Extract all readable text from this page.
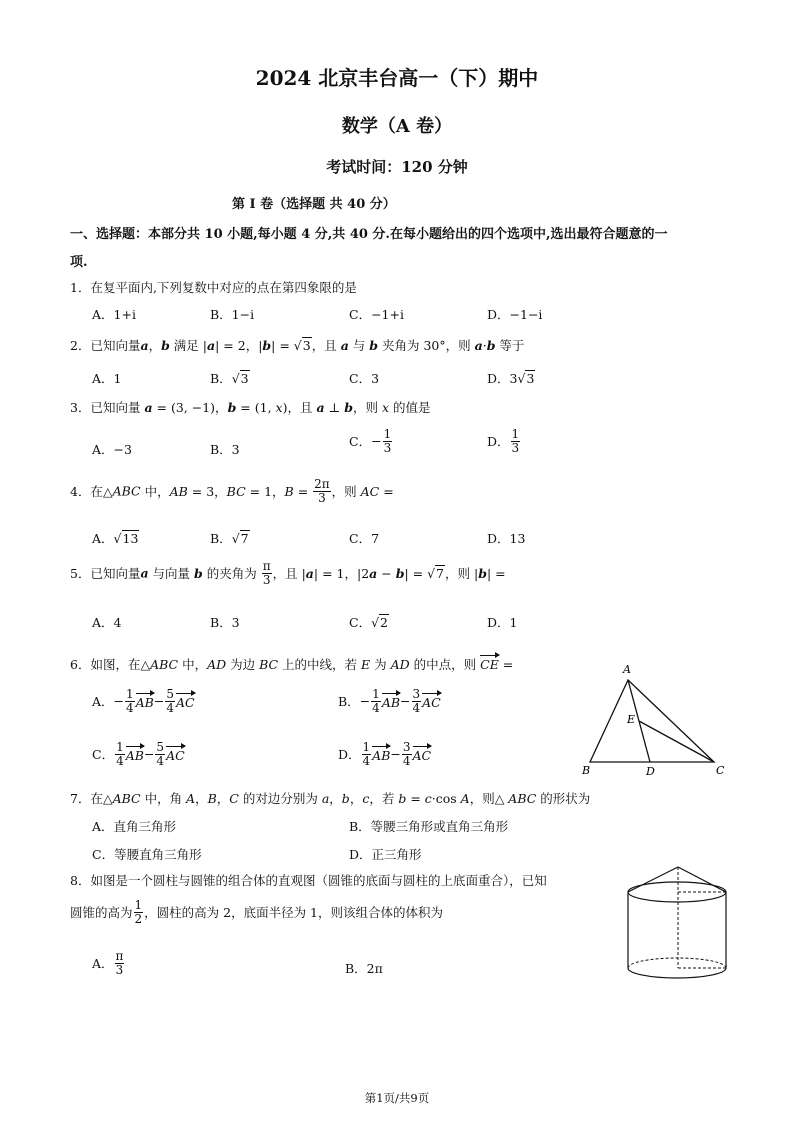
2024 北京丰台高一（下）期中
数学（A 卷）
考试时间：120 分钟
第 I 卷（选择题 共 40 分）
一、选择题：本部分共 10 小题,每小题 4 分,共 40 分.在每小题给出的四个选项中,选出最符合题意的一
项.
1．在复平面内,下列复数中对应的点在第四象限的是
A．1+i	B．1−i	C．−1+i	D．−1−i
2．已知向量a，b 满足 |a| = 2，|b| = √3，且 a 与 b 夹角为 30°，则 a·b 等于
A．1	B．√3	C．3	D．3√3
3．已知向量 a = (3, −1)，b = (1, x)，且 a ⊥ b，则 x 的值是
A．−3	B．3
C．− $\frac{1}{3}$	D． $\frac{1}{3}$
4．在△ABC 中，AB = 3，BC = 1，$B = \frac{2\pi}{3}$ ，则 AC =
A．√13	B．√7	C．7	D．13
5．已知向量a 与向量 b 的夹角为 $\frac{\pi}{3}$ ，且 |a| = 1，|2a − b| = √7，则 |b| =
A．4	B．3	C．√2	D．1
6．如图，在△ABC 中，AD 为边 BC 上的中线，若 E 为 AD 的中点，则 CE =
A．− $\frac{1}{4} AB- \frac{5}{4}$ AC	B．− $\frac{1}{4} AB- \frac{3}{4}$ AC
C． $\frac{1}{4} AB- \frac{5}{4}$ AC	D． $\frac{1}{4} AB- \frac{3}{4}$ AC
A
B	C
D
E
7．在△ABC 中，角 A，B，C 的对边分别为 a，b，c，若 b = c·cos A，则△ ABC 的形状为
A．直角三角形	B．等腰三角形或直角三角形
C．等腰直角三角形	D．正三角形
8．如图是一个圆柱与圆锥的组合体的直观图（圆锥的底面与圆柱的上底面重合），已知
圆锥的高为 $\frac{1}{2}$ ，圆柱的高为 2，底面半径为 1，则该组合体的体积为
A． $\frac{\pi}{3}$	B．2π
第1页/共9页
